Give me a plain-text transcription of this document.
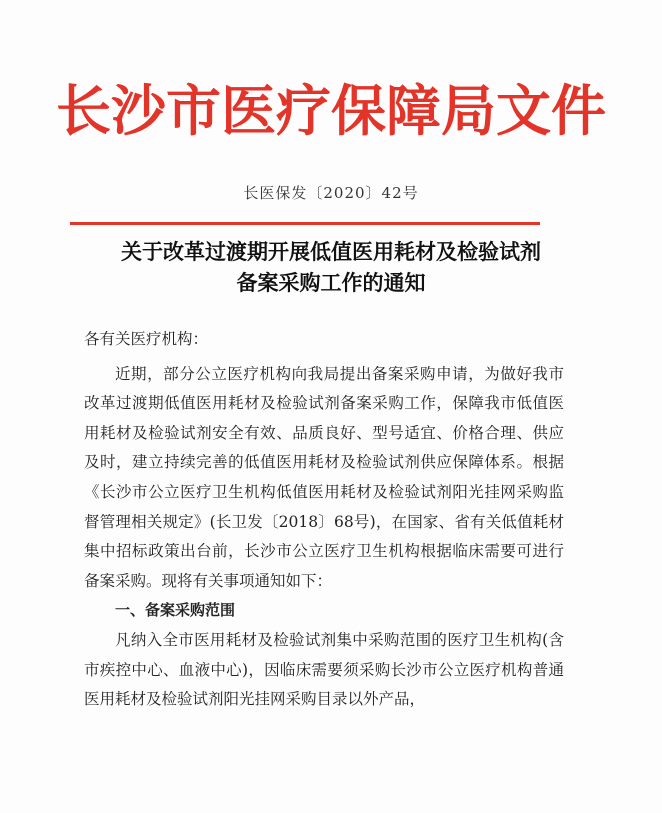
长沙市医疗保障局文件
长医保发〔2020〕42号
关于改革过渡期开展低值医用耗材及检验试剂
备案采购工作的通知

各有关医疗机构：

近期，部分公立医疗机构向我局提出备案采购申请，为做好我市改革过渡期低值医用耗材及检验试剂备案采购工作，保障我市低值医用耗材及检验试剂安全有效、品质良好、型号适宜、价格合理、供应及时，建立持续完善的低值医用耗材及检验试剂供应保障体系。根据《长沙市公立医疗卫生机构低值医用耗材及检验试剂阳光挂网采购监督管理相关规定》(长卫发〔2018〕68号)，在国家、省有关低值耗材集中招标政策出台前，长沙市公立医疗卫生机构根据临床需要可进行备案采购。现将有关事项通知如下：

一、备案采购范围

凡纳入全市医用耗材及检验试剂集中采购范围的医疗卫生机构(含市疾控中心、血液中心)，因临床需要须采购长沙市公立医疗机构普通医用耗材及检验试剂阳光挂网采购目录以外产品，
